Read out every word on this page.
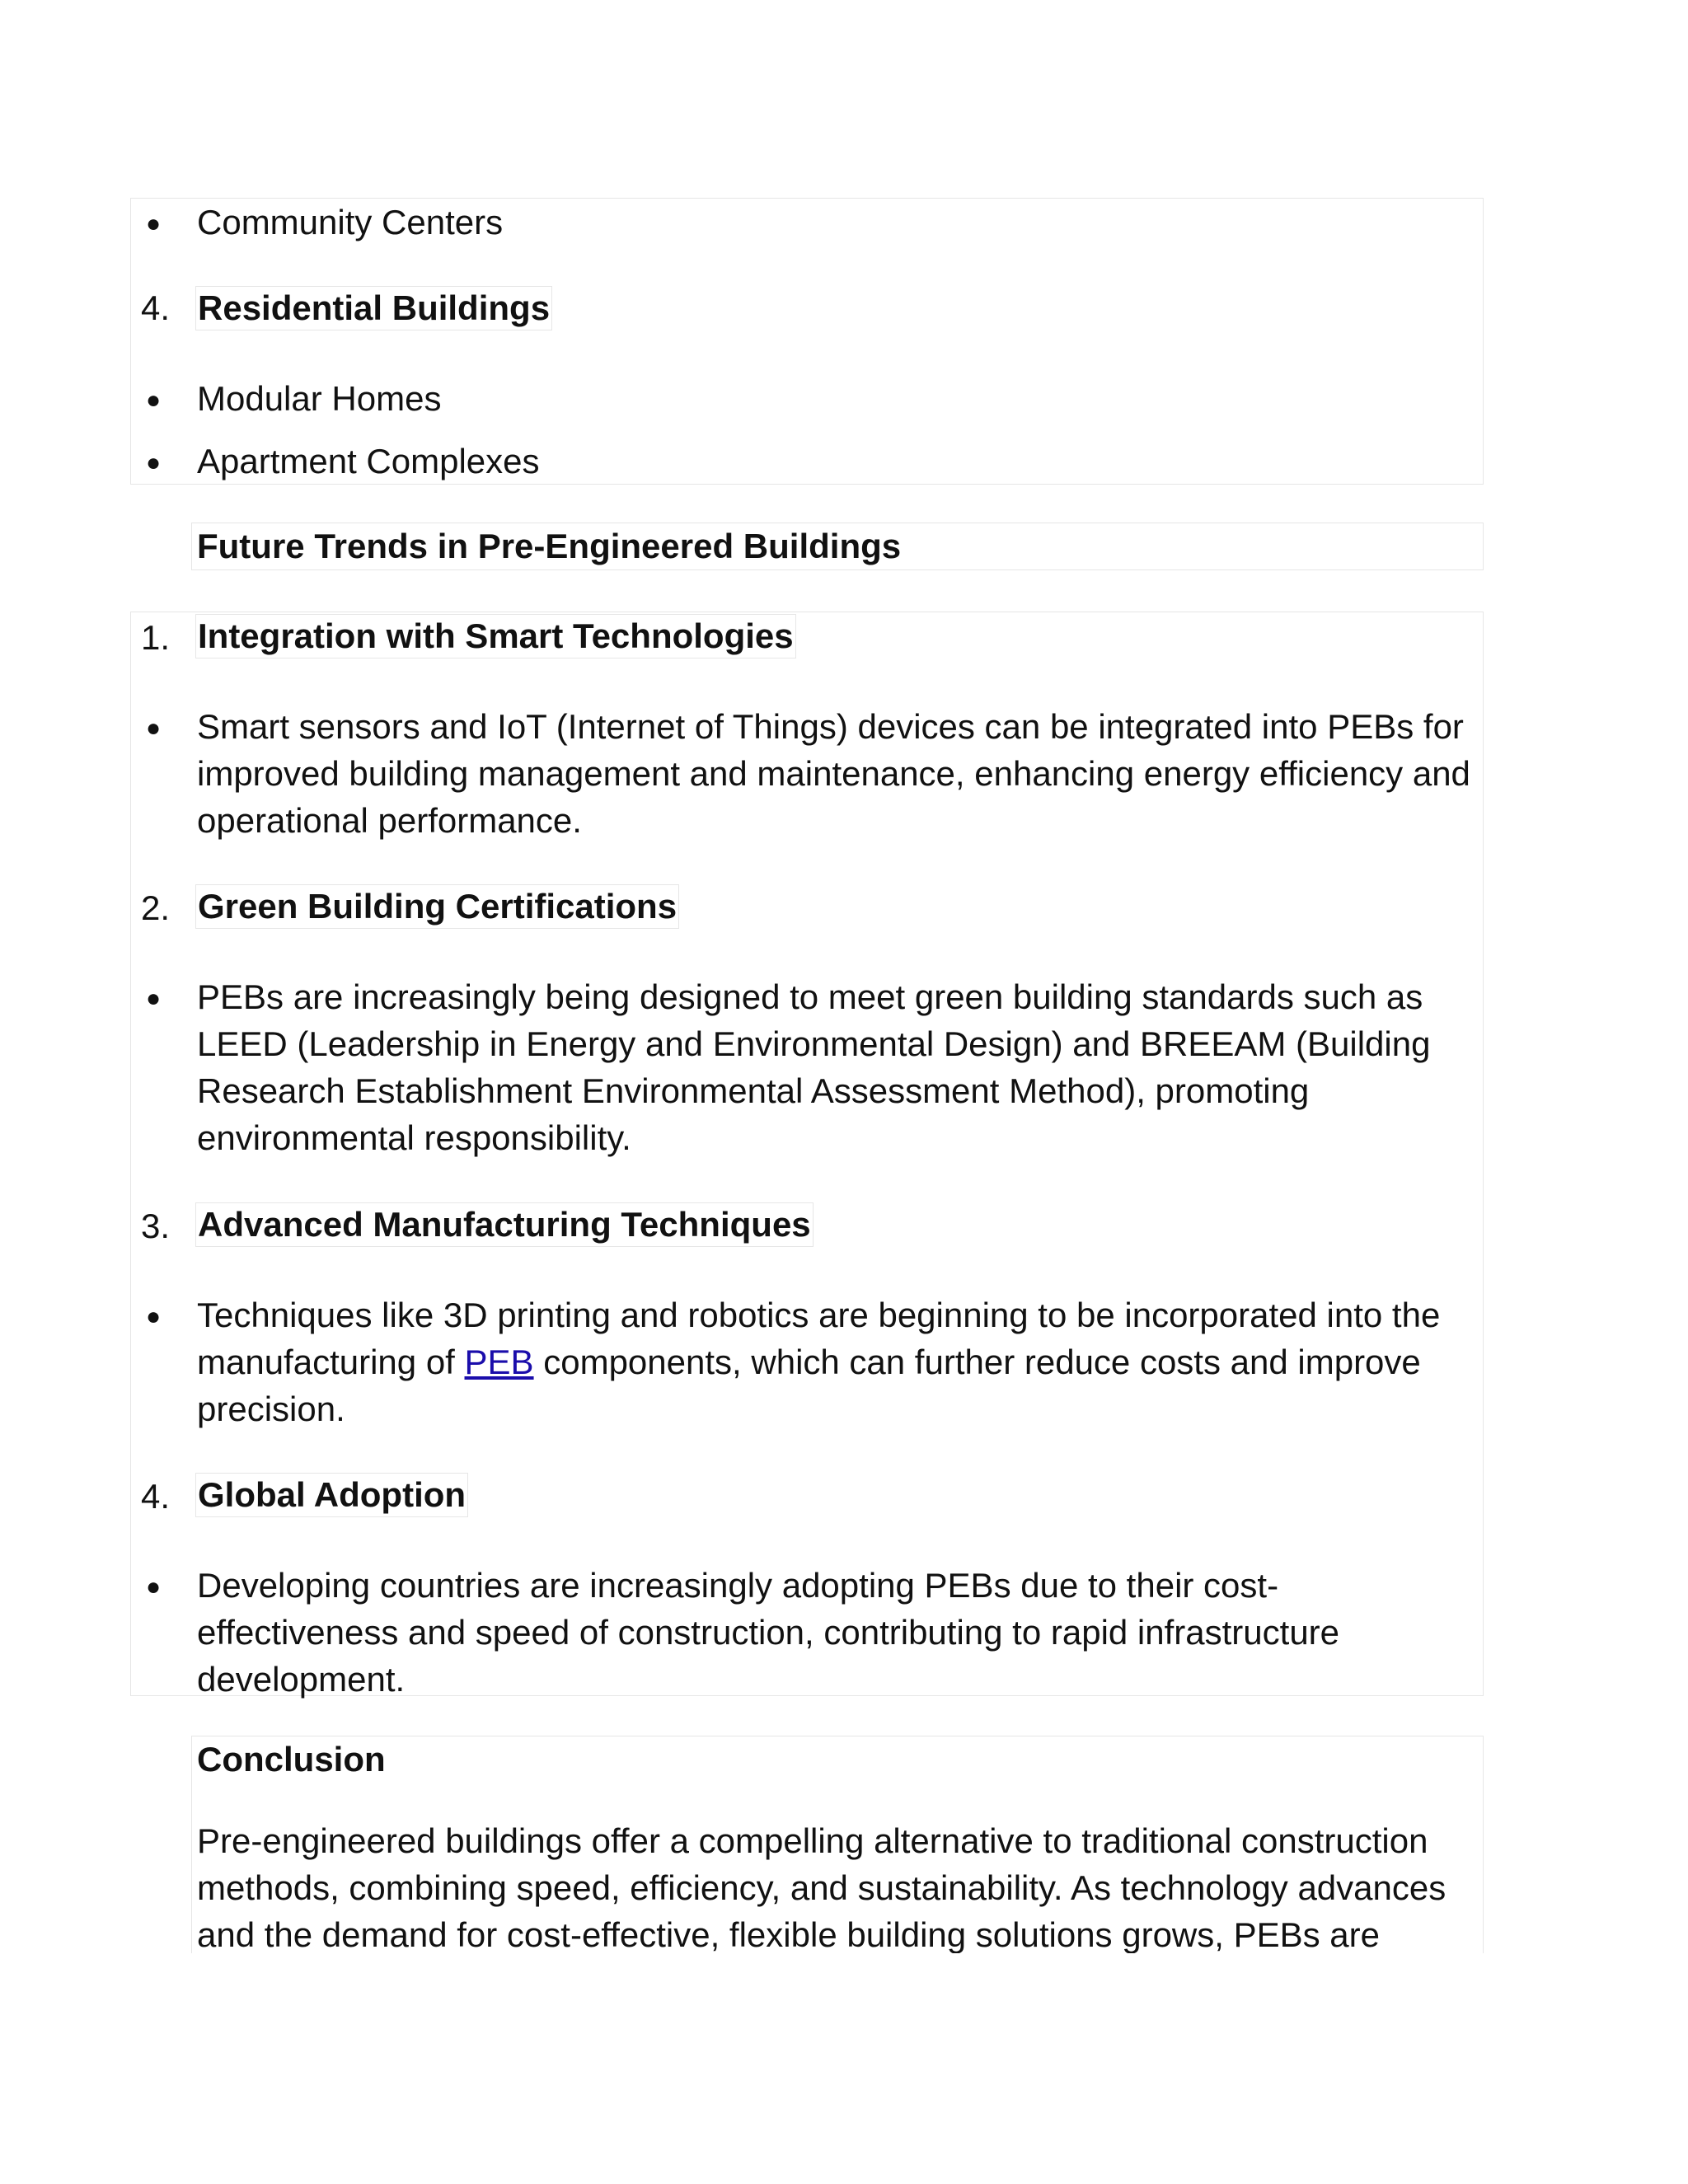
● Community Centers
4. Residential Buildings
● Modular Homes
● Apartment Complexes
Future Trends in Pre-Engineered Buildings
1. Integration with Smart Technologies
● Smart sensors and IoT (Internet of Things) devices can be integrated into PEBs for improved building management and maintenance, enhancing energy efficiency and operational performance.
2. Green Building Certifications
● PEBs are increasingly being designed to meet green building standards such as LEED (Leadership in Energy and Environmental Design) and BREEAM (Building Research Establishment Environmental Assessment Method), promoting environmental responsibility.
3. Advanced Manufacturing Techniques
● Techniques like 3D printing and robotics are beginning to be incorporated into the manufacturing of PEB components, which can further reduce costs and improve precision.
4. Global Adoption
● Developing countries are increasingly adopting PEBs due to their cost-effectiveness and speed of construction, contributing to rapid infrastructure development.
Conclusion
Pre-engineered buildings offer a compelling alternative to traditional construction methods, combining speed, efficiency, and sustainability. As technology advances and the demand for cost-effective, flexible building solutions grows, PEBs are
